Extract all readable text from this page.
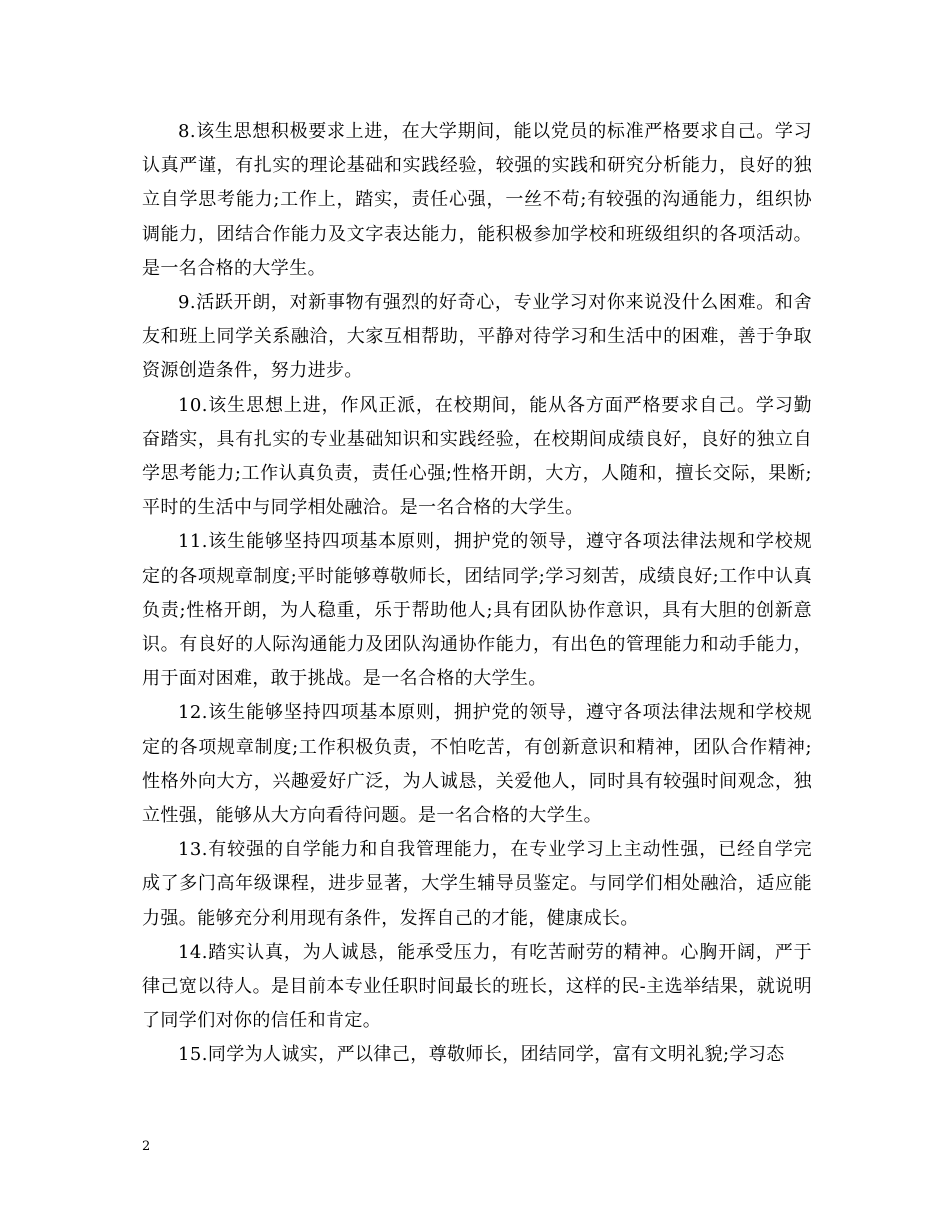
8.该生思想积极要求上进，在大学期间，能以党员的标准严格要求自己。学习认真严谨，有扎实的理论基础和实践经验，较强的实践和研究分析能力，良好的独立自学思考能力;工作上，踏实，责任心强，一丝不苟;有较强的沟通能力，组织协调能力，团结合作能力及文字表达能力，能积极参加学校和班级组织的各项活动。是一名合格的大学生。

9.活跃开朗，对新事物有强烈的好奇心，专业学习对你来说没什么困难。和舍友和班上同学关系融洽，大家互相帮助，平静对待学习和生活中的困难，善于争取资源创造条件，努力进步。

10.该生思想上进，作风正派，在校期间，能从各方面严格要求自己。学习勤奋踏实，具有扎实的专业基础知识和实践经验，在校期间成绩良好，良好的独立自学思考能力;工作认真负责，责任心强;性格开朗，大方，人随和，擅长交际，果断;平时的生活中与同学相处融洽。是一名合格的大学生。

11.该生能够坚持四项基本原则，拥护党的领导，遵守各项法律法规和学校规定的各项规章制度;平时能够尊敬师长，团结同学;学习刻苦，成绩良好;工作中认真负责;性格开朗，为人稳重，乐于帮助他人;具有团队协作意识，具有大胆的创新意识。有良好的人际沟通能力及团队沟通协作能力，有出色的管理能力和动手能力，用于面对困难，敢于挑战。是一名合格的大学生。

12.该生能够坚持四项基本原则，拥护党的领导，遵守各项法律法规和学校规定的各项规章制度;工作积极负责，不怕吃苦，有创新意识和精神，团队合作精神;性格外向大方，兴趣爱好广泛，为人诚恳，关爱他人，同时具有较强时间观念，独立性强，能够从大方向看待问题。是一名合格的大学生。

13.有较强的自学能力和自我管理能力，在专业学习上主动性强，已经自学完成了多门高年级课程，进步显著，大学生辅导员鉴定。与同学们相处融洽，适应能力强。能够充分利用现有条件，发挥自己的才能，健康成长。

14.踏实认真，为人诚恳，能承受压力，有吃苦耐劳的精神。心胸开阔，严于律己宽以待人。是目前本专业任职时间最长的班长，这样的民-主选举结果，就说明了同学们对你的信任和肯定。

15.同学为人诚实，严以律己，尊敬师长，团结同学，富有文明礼貌;学习态

2
